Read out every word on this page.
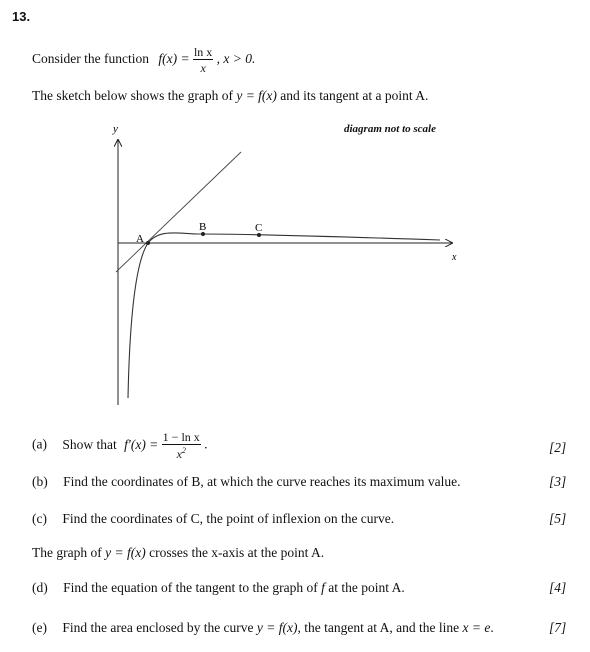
13.
Consider the function $f(x) = \frac{\text{ln x}}{x}$ , x > 0.
The sketch below shows the graph of y = f(x) and its tangent at a point A.
diagram not to scale
y
x
A
B	C
(a) Show that $f'(x) = \frac{\text{1 − ln x}}{x^2}$ .	[2]
(b) Find the coordinates of B, at which the curve reaches its maximum value.	[3]
(c) Find the coordinates of C, the point of inflexion on the curve.	[5]
The graph of y = f(x) crosses the x-axis at the point A.
(d) Find the equation of the tangent to the graph of f at the point A.	[4]
(e) Find the area enclosed by the curve y = f(x), the tangent at A, and the line x = e.	[7]
